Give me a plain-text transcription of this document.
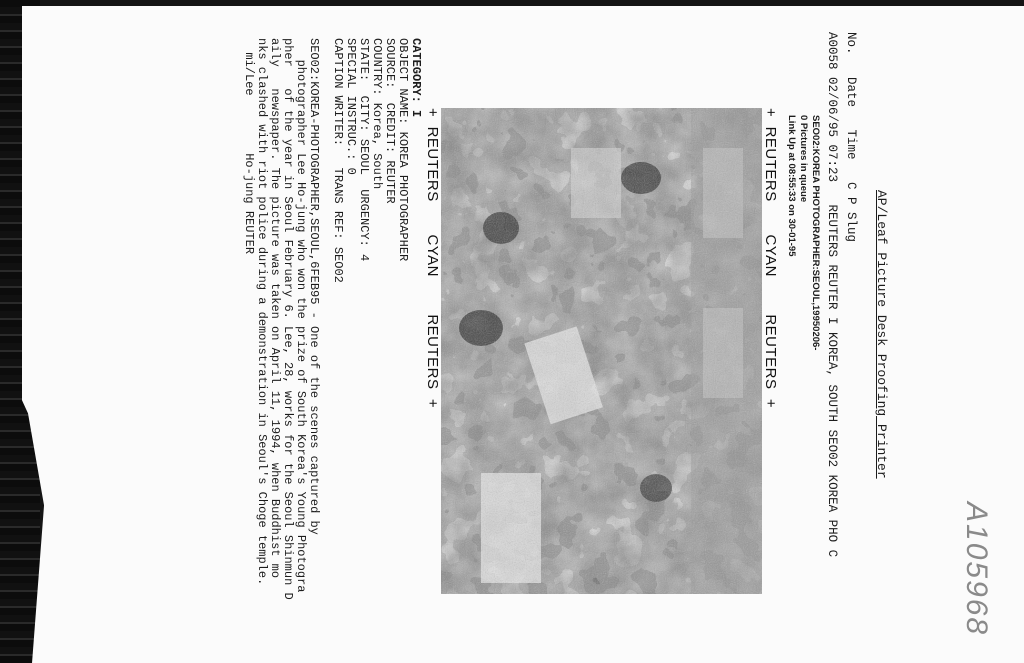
AP/Leaf Picture Desk Proofing Printer
No.   Date   Time   C P Slug
A0058 02/06/95 07:23   REUTERS REUTER I KOREA, SOUTH SEO02 KOREA PHO C
SEO02:KOREA PHOTOGRAPHER:SEOUL,19950206-
0 Pictures in queue
Link Up at 08:55:33 on 30-01-95
+  REUTERS       CYAN        REUTERS  +
+  REUTERS       CYAN        REUTERS  +
CATEGORY: I
OBJECT NAME: KOREA PHOTOGRAPHER
SOURCE:  CREDIT: REUTER
COUNTRY: Korea, South
STATE:  CITY: SEOUL  URGENCY: 4
SPECIAL INSTRUC.: 0
CAPTION WRITER:   TRANS REF: SEO02
SEO02:KOREA-PHOTOGRAPHER,SEOUL,6FEB95 - One of the scenes captured by
photographer Lee Ho-jung who won the prize of South Korea's Young Photogra
pher   of the year in Seoul February 6. Lee, 28, works for the Seoul Shinmun D
aily   newspaper. The picture was taken on April 11, 1994, when Buddhist mo
nks clashed with riot police during a demonstration in Seoul's Choge temple.
mi/Lee        Ho-jung REUTER
A105968
